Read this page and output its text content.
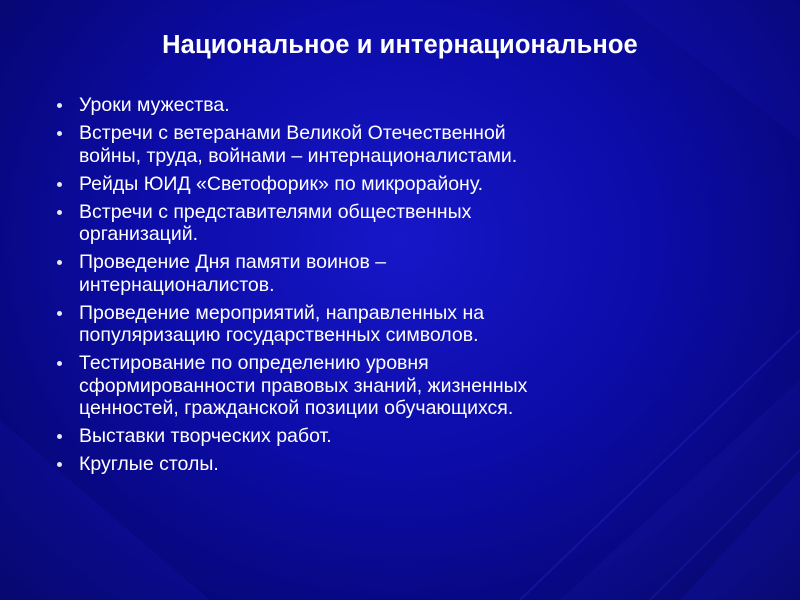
Национальное и интернациональное
Уроки мужества.
Встречи с ветеранами Великой Отечественной
войны, труда, войнами – интернационалистами.
Рейды ЮИД «Светофорик» по микрорайону.
Встречи с представителями общественных
организаций.
Проведение Дня памяти воинов –
интернационалистов.
Проведение мероприятий, направленных на
популяризацию государственных символов.
Тестирование по определению уровня
сформированности правовых знаний, жизненных
ценностей, гражданской позиции обучающихся.
Выставки творческих работ.
Круглые столы.
